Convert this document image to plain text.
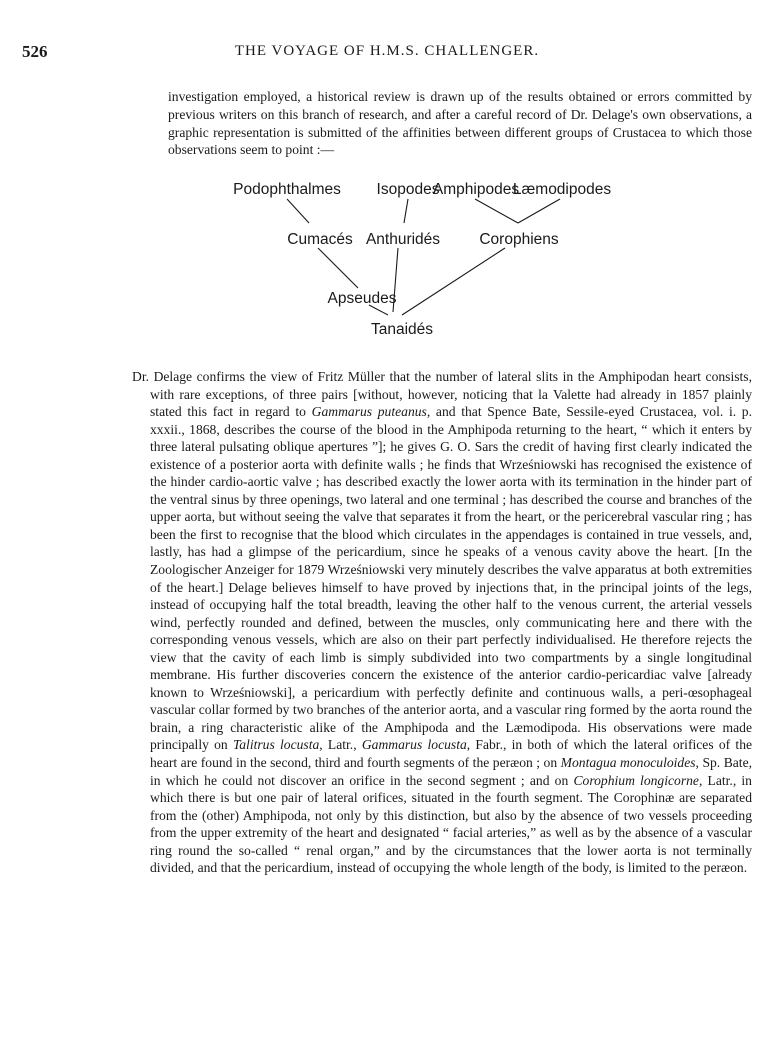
526	THE VOYAGE OF H.M.S. CHALLENGER.

investigation employed, a historical review is drawn up of the results obtained or errors committed by previous writers on this branch of research, and after a careful record of Dr. Delage's own observations, a graphic representation is submitted of the affinities between different groups of Crustacea to which those observations seem to point :—

Podophthalmes Isopodes
Amphipodes
Læmodipodes
Cumacés Anthuridés	Corophiens
Apseudes
Tanaidés

Dr. Delage confirms the view of Fritz Müller that the number of lateral slits in the Amphipodan heart consists, with rare exceptions, of three pairs [without, however, noticing that la Valette had already in 1857 plainly stated this fact in regard to Gammarus puteanus, and that Spence Bate, Sessile-eyed Crustacea, vol. i. p. xxxii., 1868, describes the course of the blood in the Amphipoda returning to the heart, “ which it enters by three lateral pulsating oblique apertures ”]; he gives G. O. Sars the credit of having first clearly indicated the existence of a posterior aorta with definite walls ; he finds that Wrześniowski has recognised the existence of the hinder cardio-aortic valve ; has described exactly the lower aorta with its termination in the hinder part of the ventral sinus by three openings, two lateral and one terminal ; has described the course and branches of the upper aorta, but without seeing the valve that separates it from the heart, or the pericerebral vascular ring ; has been the first to recognise that the blood which circulates in the appendages is contained in true vessels, and, lastly, has had a glimpse of the pericardium, since he speaks of a venous cavity above the heart. [In the Zoologischer Anzeiger for 1879 Wrześniowski very minutely describes the valve apparatus at both extremities of the heart.] Delage believes himself to have proved by injections that, in the principal joints of the legs, instead of occupying half the total breadth, leaving the other half to the venous current, the arterial vessels wind, perfectly rounded and defined, between the muscles, only communicating here and there with the corresponding venous vessels, which are also on their part perfectly individualised. He therefore rejects the view that the cavity of each limb is simply subdivided into two compartments by a single longitudinal membrane. His further discoveries concern the existence of the anterior cardio-pericardiac valve [already known to Wrześniowski], a pericardium with perfectly definite and continuous walls, a peri-œsophageal vascular collar formed by two branches of the anterior aorta, and a vascular ring formed by the aorta round the brain, a ring characteristic alike of the Amphipoda and the Læmodipoda. His observations were made principally on Talitrus locusta, Latr., Gammarus locusta, Fabr., in both of which the lateral orifices of the heart are found in the second, third and fourth segments of the peræon ; on Montagua monoculoides, Sp. Bate, in which he could not discover an orifice in the second segment ; and on Corophium longicorne, Latr., in which there is but one pair of lateral orifices, situated in the fourth segment. The Corophinæ are separated from the (other) Amphipoda, not only by this distinction, but also by the absence of two vessels proceeding from the upper extremity of the heart and designated “ facial arteries,” as well as by the absence of a vascular ring round the so-called “ renal organ,” and by the circumstances that the lower aorta is not terminally divided, and that the pericardium, instead of occupying the whole length of the body, is limited to the peræon.
